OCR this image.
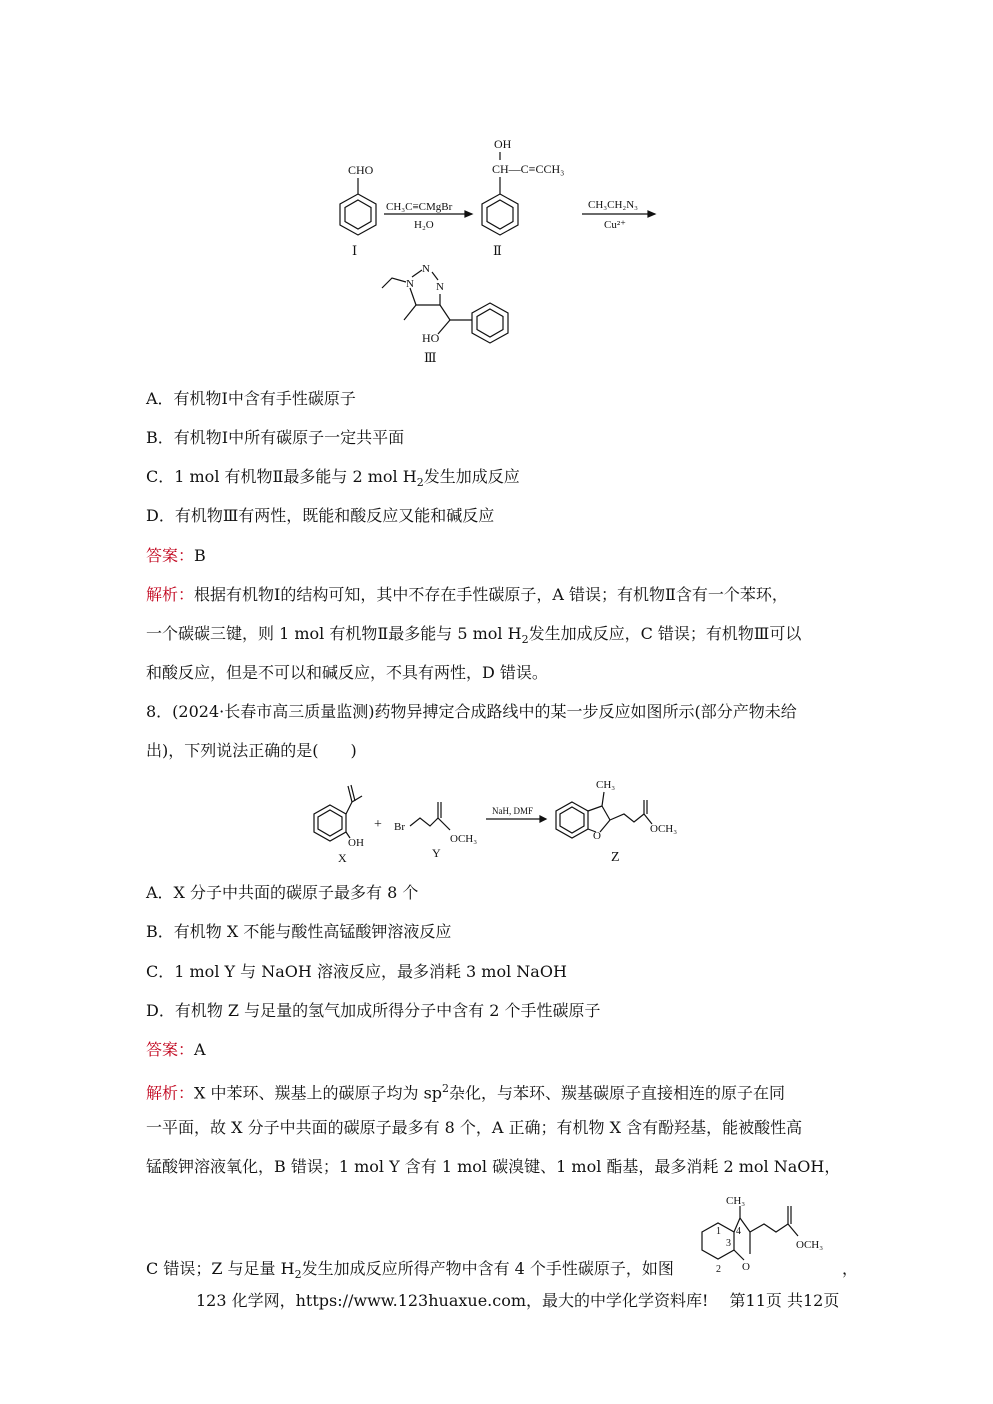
CHO
Ⅰ
CH₃C≡CMgBr
H₂O
OH
CH—C≡CCH₃
Ⅱ
CH₃CH₂N₃
Cu²⁺
N
N
N
HO
Ⅲ
A．有机物Ⅰ中含有手性碳原子
B．有机物Ⅰ中所有碳原子一定共平面
C．1 mol 有机物Ⅱ最多能与 2 mol $H_2$发生加成反应
D．有机物Ⅲ有两性，既能和酸反应又能和碱反应
答案：B
解析：根据有机物Ⅰ的结构可知，其中不存在手性碳原子，A 错误；有机物Ⅱ含有一个苯环，
一个碳碳三键，则 1 mol 有机物Ⅱ最多能与 5 mol $H_2$发生加成反应，C 错误；有机物Ⅲ可以
和酸反应，但是不可以和碱反应，不具有两性，D 错误。
8．(2024·长春市高三质量监测)药物异搏定合成路线中的某一步反应如图所示(部分产物未给
出)，下列说法正确的是(　　)
OH
X
+ Br
OCH₃
Y
NaH, DMF
O
CH₃
OCH₃
Z
A．X 分子中共面的碳原子最多有 8 个
B．有机物 X 不能与酸性高锰酸钾溶液反应
C．1 mol Y 与 NaOH 溶液反应，最多消耗 3 mol NaOH
D．有机物 Z 与足量的氢气加成所得分子中含有 2 个手性碳原子
答案：A
解析：X 中苯环、羰基上的碳原子均为 $sp^2$杂化，与苯环、羰基碳原子直接相连的原子在同
一平面，故 X 分子中共面的碳原子最多有 8 个，A 正确；有机物 X 含有酚羟基，能被酸性高
锰酸钾溶液氧化，B 错误；1 mol Y 含有 1 mol 碳溴键、1 mol 酯基，最多消耗 2 mol NaOH，
C 错误；Z 与足量 $H_2$发生加成反应所得产物中含有 4 个手性碳原子，如图	，
O
CH₃
1
2
3
4
OCH₃
123 化学网，https://www.123huaxue.com，最大的中学化学资料库!　 第11页 共12页
